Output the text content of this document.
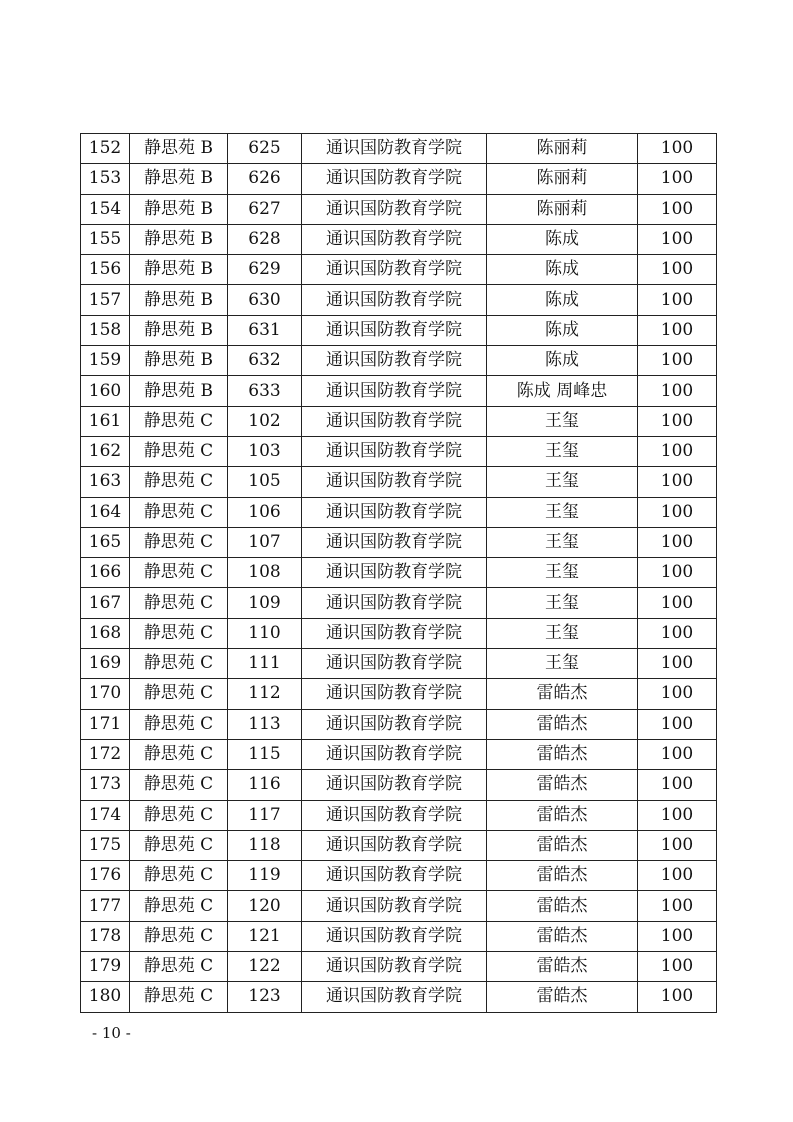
152	静思苑 B	625	通识国防教育学院	陈丽莉	100
153	静思苑 B	626	通识国防教育学院	陈丽莉	100
154	静思苑 B	627	通识国防教育学院	陈丽莉	100
155	静思苑 B	628	通识国防教育学院	陈成	100
156	静思苑 B	629	通识国防教育学院	陈成	100
157	静思苑 B	630	通识国防教育学院	陈成	100
158	静思苑 B	631	通识国防教育学院	陈成	100
159	静思苑 B	632	通识国防教育学院	陈成	100
160	静思苑 B	633	通识国防教育学院	陈成 周峰忠	100
161	静思苑 C	102	通识国防教育学院	王玺	100
162	静思苑 C	103	通识国防教育学院	王玺	100
163	静思苑 C	105	通识国防教育学院	王玺	100
164	静思苑 C	106	通识国防教育学院	王玺	100
165	静思苑 C	107	通识国防教育学院	王玺	100
166	静思苑 C	108	通识国防教育学院	王玺	100
167	静思苑 C	109	通识国防教育学院	王玺	100
168	静思苑 C	110	通识国防教育学院	王玺	100
169	静思苑 C	111	通识国防教育学院	王玺	100
170	静思苑 C	112	通识国防教育学院	雷皓杰	100
171	静思苑 C	113	通识国防教育学院	雷皓杰	100
172	静思苑 C	115	通识国防教育学院	雷皓杰	100
173	静思苑 C	116	通识国防教育学院	雷皓杰	100
174	静思苑 C	117	通识国防教育学院	雷皓杰	100
175	静思苑 C	118	通识国防教育学院	雷皓杰	100
176	静思苑 C	119	通识国防教育学院	雷皓杰	100
177	静思苑 C	120	通识国防教育学院	雷皓杰	100
178	静思苑 C	121	通识国防教育学院	雷皓杰	100
179	静思苑 C	122	通识国防教育学院	雷皓杰	100
180	静思苑 C	123	通识国防教育学院	雷皓杰	100
- 10 -
